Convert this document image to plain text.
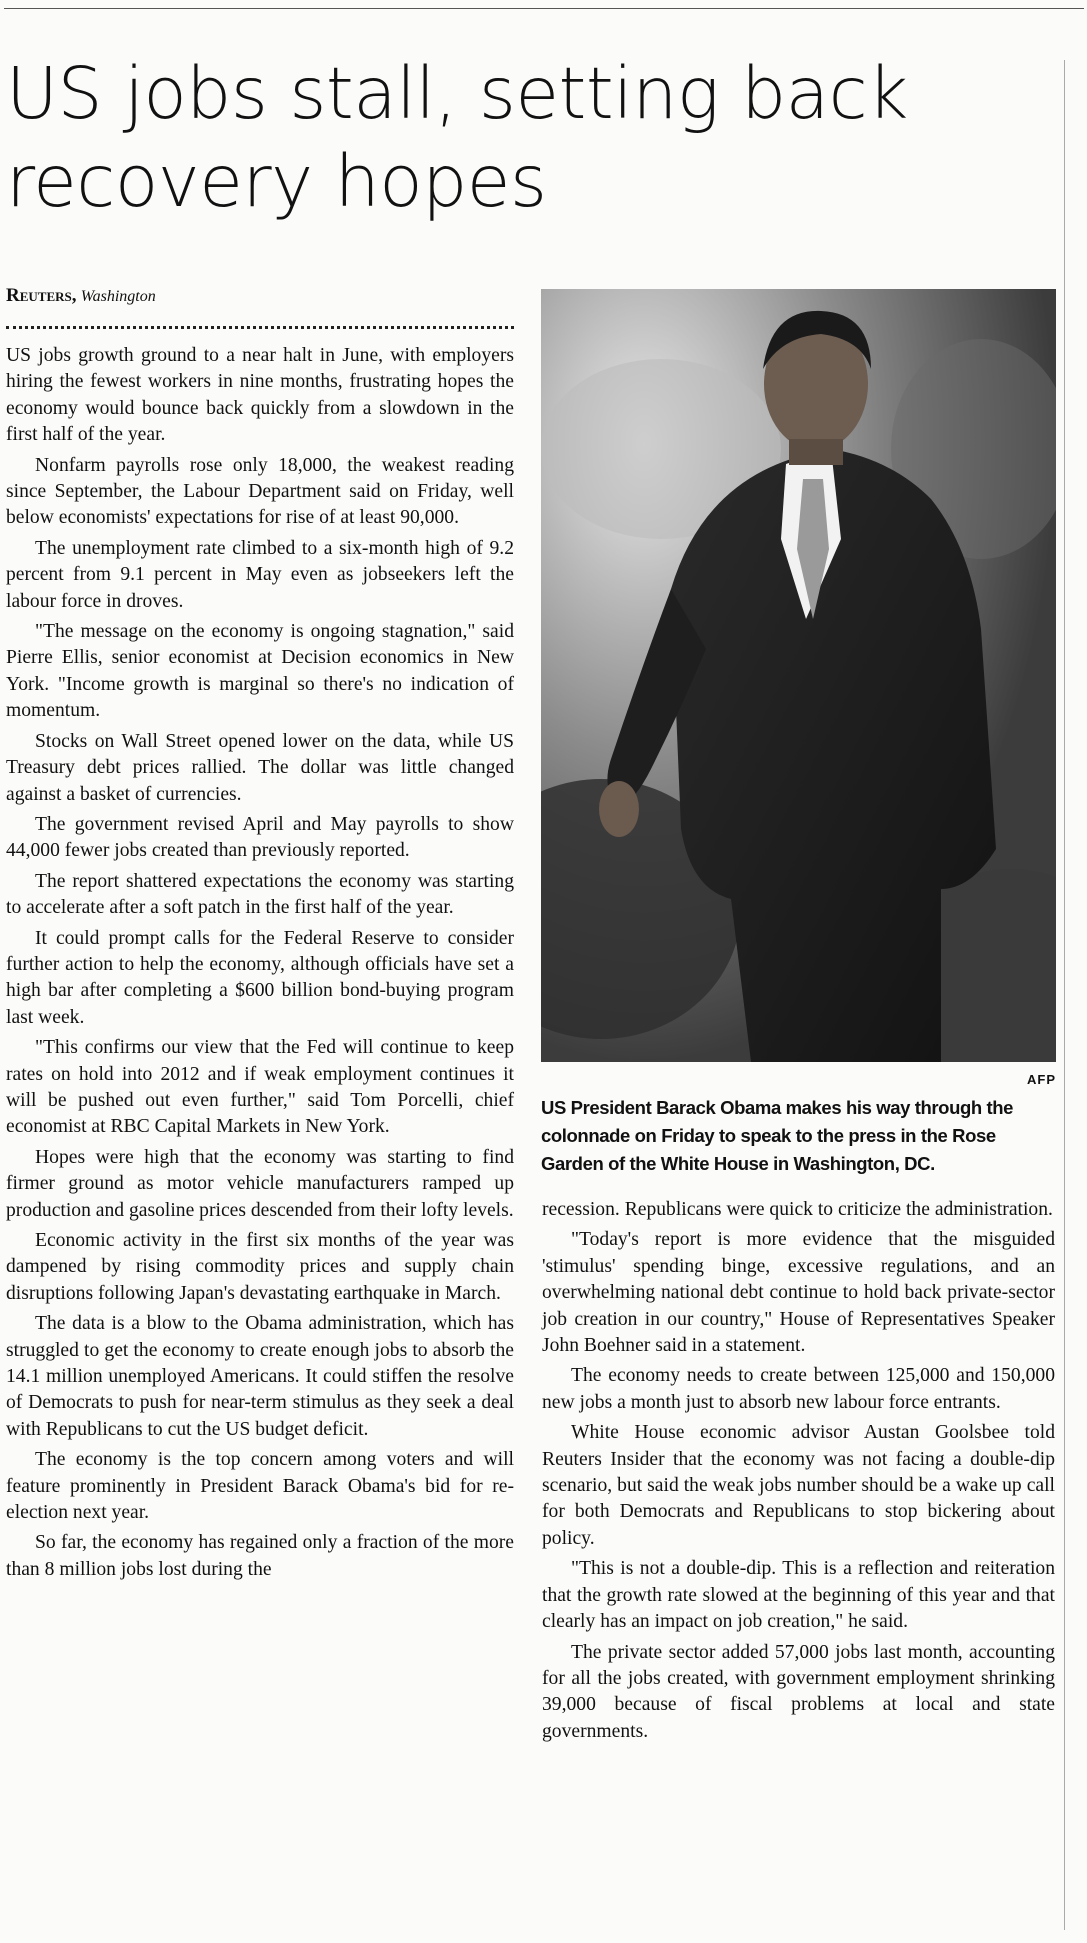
US jobs stall, setting back recovery hopes
Reuters, Washington

US jobs growth ground to a near halt in June, with employers hiring the fewest workers in nine months, frustrating hopes the economy would bounce back quickly from a slowdown in the first half of the year.

Nonfarm payrolls rose only 18,000, the weakest reading since September, the Labour Department said on Friday, well below economists' expectations for rise of at least 90,000.

The unemployment rate climbed to a six-month high of 9.2 percent from 9.1 percent in May even as jobseekers left the labour force in droves.

"The message on the economy is ongoing stagnation," said Pierre Ellis, senior economist at Decision economics in New York. "Income growth is marginal so there's no indication of momentum.

Stocks on Wall Street opened lower on the data, while US Treasury debt prices rallied. The dollar was little changed against a basket of currencies.

The government revised April and May payrolls to show 44,000 fewer jobs created than previously reported.

The report shattered expectations the economy was starting to accelerate after a soft patch in the first half of the year.

It could prompt calls for the Federal Reserve to consider further action to help the economy, although officials have set a high bar after completing a $600 billion bond-buying program last week.

"This confirms our view that the Fed will continue to keep rates on hold into 2012 and if weak employment continues it will be pushed out even further," said Tom Porcelli, chief economist at RBC Capital Markets in New York.

Hopes were high that the economy was starting to find firmer ground as motor vehicle manufacturers ramped up production and gasoline prices descended from their lofty levels.

Economic activity in the first six months of the year was dampened by rising commodity prices and supply chain disruptions following Japan's devastating earthquake in March.

The data is a blow to the Obama administration, which has struggled to get the economy to create enough jobs to absorb the 14.1 million unemployed Americans. It could stiffen the resolve of Democrats to push for near-term stimulus as they seek a deal with Republicans to cut the US budget deficit.

The economy is the top concern among voters and will feature prominently in President Barack Obama's bid for re-election next year.

So far, the economy has regained only a fraction of the more than 8 million jobs lost during the

AFP
US President Barack Obama makes his way through the colonnade on Friday to speak to the press in the Rose Garden of the White House in Washington, DC.

recession. Republicans were quick to criticize the administration.

"Today's report is more evidence that the misguided 'stimulus' spending binge, excessive regulations, and an overwhelming national debt continue to hold back private-sector job creation in our country," House of Representatives Speaker John Boehner said in a statement.

The economy needs to create between 125,000 and 150,000 new jobs a month just to absorb new labour force entrants.

White House economic advisor Austan Goolsbee told Reuters Insider that the economy was not facing a double-dip scenario, but said the weak jobs number should be a wake up call for both Democrats and Republicans to stop bickering about policy.

"This is not a double-dip. This is a reflection and reiteration that the growth rate slowed at the beginning of this year and that clearly has an impact on job creation," he said.

The private sector added 57,000 jobs last month, accounting for all the jobs created, with government employment shrinking 39,000 because of fiscal problems at local and state governments.
